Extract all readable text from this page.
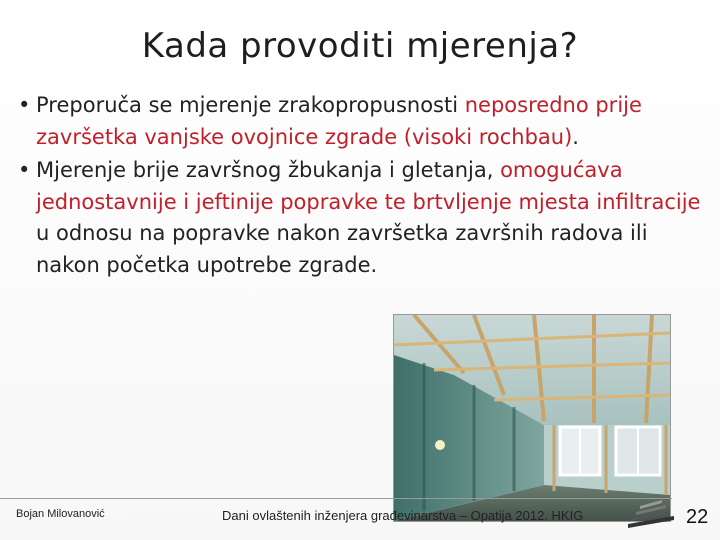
Kada provoditi mjerenja?
• Preporuča se mjerenje zrakopropusnosti neposredno prije završetka vanjske ovojnice zgrade (visoki rochbau).
• Mjerenje brije završnog žbukanja i gletanja, omogućava jednostavnije i jeftinije popravke te brtvljenje mjesta infiltracije u odnosu na popravke nakon završetka završnih radova ili nakon početka upotrebe zgrade.
Bojan Milovanović	Dani ovlaštenih inženjera građevinarstva – Opatija 2012. HKIG	22
